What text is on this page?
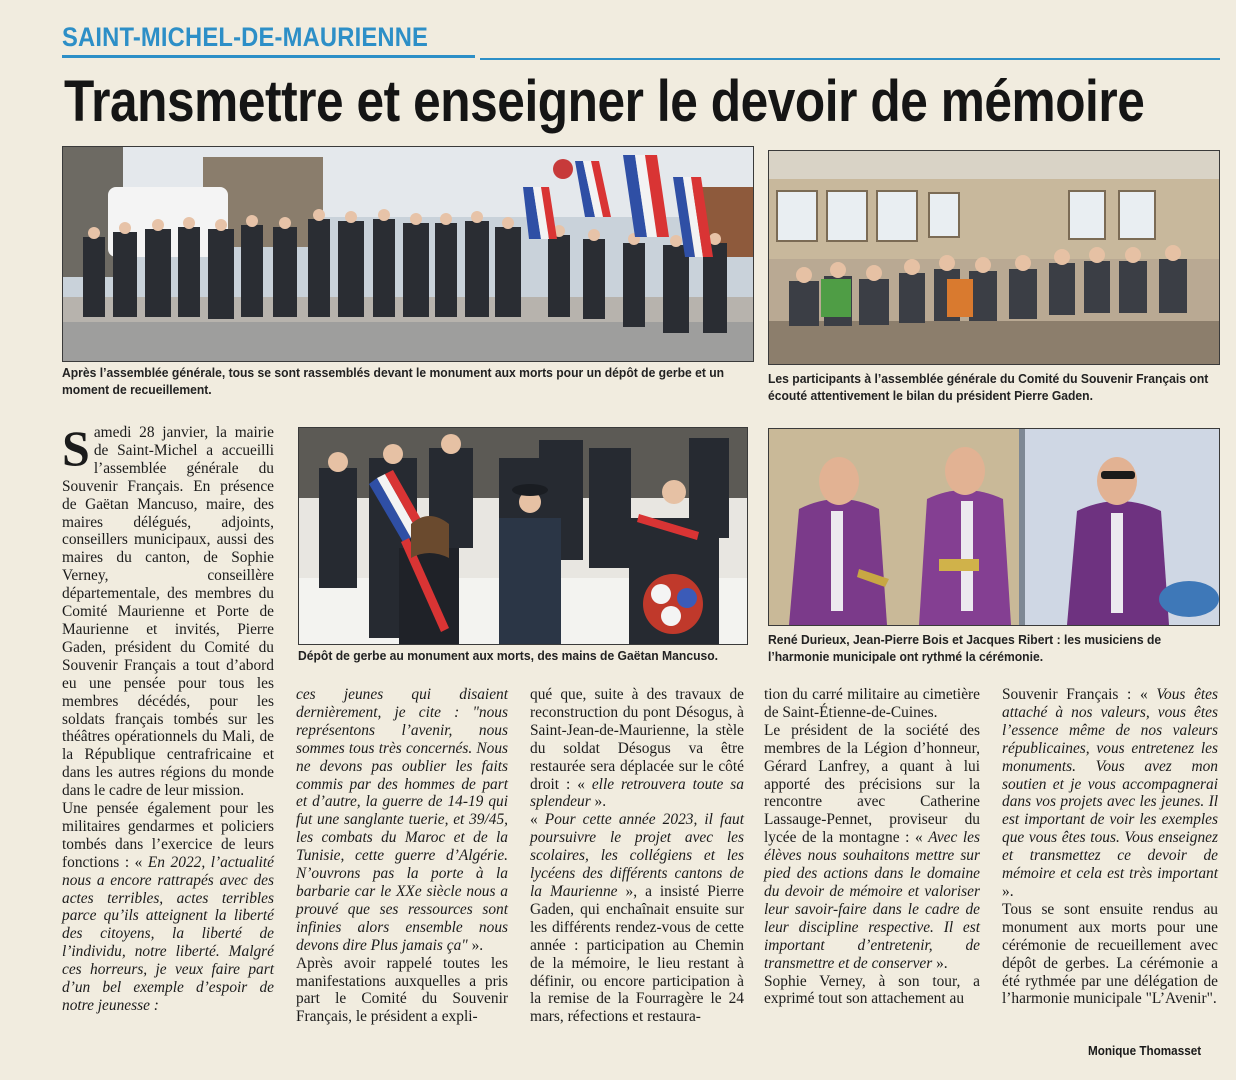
SAINT-MICHEL-DE-MAURIENNE
Transmettre et enseigner le devoir de mémoire
Après l’assemblée générale, tous se sont rassemblés devant le monument aux morts pour un dépôt de gerbe et un moment de recueillement.
Les participants à l’assemblée générale du Comité du Souvenir Français ont écouté attentivement le bilan du président Pierre Gaden.
Dépôt de gerbe au monument aux morts, des mains de Gaëtan Mancuso.
René Durieux, Jean-Pierre Bois et Jacques Ribert : les musiciens de l’harmonie municipale ont rythmé la cérémonie.
Samedi 28 janvier, la mairie de Saint-Michel a accueilli l’assemblée générale du Souvenir Français. En présence de Gaëtan Mancuso, maire, des maires délégués, adjoints, conseillers municipaux, aussi des maires du canton, de Sophie Verney, conseillère départementale, des membres du Comité Maurienne et Porte de Maurienne et invités, Pierre Gaden, président du Comité du Souvenir Français a tout d’abord eu une pensée pour tous les membres décédés, pour les soldats français tombés sur les théâtres opérationnels du Mali, de la République centrafricaine et dans les autres régions du monde dans le cadre de leur mission.
Une pensée également pour les militaires gendarmes et policiers tombés dans l’exercice de leurs fonctions : « En 2022, l’actualité nous a encore rattrapés avec des actes terribles, actes terribles parce qu’ils atteignent la liberté des citoyens, la liberté de l’individu, notre liberté. Malgré ces horreurs, je veux faire part d’un bel exemple d’espoir de notre jeunesse :
ces jeunes qui disaient dernièrement, je cite : "nous représentons l’avenir, nous sommes tous très concernés. Nous ne devons pas oublier les faits commis par des hommes de part et d’autre, la guerre de 14-19 qui fut une sanglante tuerie, et 39/45, les combats du Maroc et de la Tunisie, cette guerre d’Algérie. N’ouvrons pas la porte à la barbarie car le XXe siècle nous a prouvé que ses ressources sont infinies alors ensemble nous devons dire Plus jamais ça" ».
Après avoir rappelé toutes les manifestations auxquelles a pris part le Comité du Souvenir Français, le président a expli-
qué que, suite à des travaux de reconstruction du pont Désogus, à Saint-Jean-de-Maurienne, la stèle du soldat Désogus va être restaurée sera déplacée sur le côté droit : « elle retrouvera toute sa splendeur ».
« Pour cette année 2023, il faut poursuivre le projet avec les scolaires, les collégiens et les lycéens des différents cantons de la Maurienne », a insisté Pierre Gaden, qui enchaînait ensuite sur les différents rendez-vous de cette année : participation au Chemin de la mémoire, le lieu restant à définir, ou encore participation à la remise de la Fourragère le 24 mars, réfections et restaura-
tion du carré militaire au cimetière de Saint-Étienne-de-Cuines.
Le président de la société des membres de la Légion d’honneur, Gérard Lanfrey, a quant à lui apporté des précisions sur la rencontre avec Catherine Lassauge-Pennet, proviseur du lycée de la montagne : « Avec les élèves nous souhaitons mettre sur pied des actions dans le domaine du devoir de mémoire et valoriser leur savoir-faire dans le cadre de leur discipline respective. Il est important d’entretenir, de transmettre et de conserver ».
Sophie Verney, à son tour, a exprimé tout son attachement au
Souvenir Français : « Vous êtes attaché à nos valeurs, vous êtes l’essence même de nos valeurs républicaines, vous entretenez les monuments. Vous avez mon soutien et je vous accompagnerai dans vos projets avec les jeunes. Il est important de voir les exemples que vous êtes tous. Vous enseignez et transmettez ce devoir de mémoire et cela est très important ».
Tous se sont ensuite rendus au monument aux morts pour une cérémonie de recueillement avec dépôt de gerbes. La cérémonie a été rythmée par une délégation de l’harmonie municipale "L’Avenir".
Monique Thomasset
